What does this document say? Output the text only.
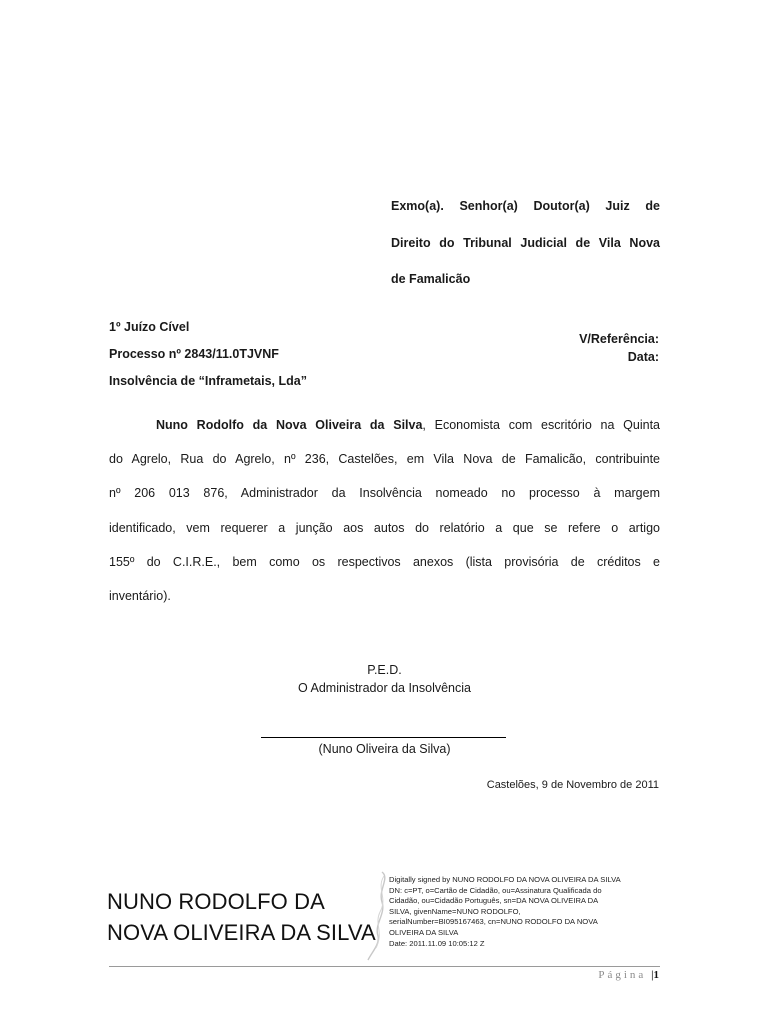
Exmo(a). Senhor(a) Doutor(a) Juiz de
Direito do Tribunal Judicial de Vila Nova
de Famalicão
1º Juízo Cível
Processo nº 2843/11.0TJVNF
Insolvência de “Inframetais, Lda”
V/Referência:
Data:
Nuno Rodolfo da Nova Oliveira da Silva, Economista com escritório na Quinta
do Agrelo, Rua do Agrelo, nº 236, Castelões, em Vila Nova de Famalicão, contribuinte
nº 206 013 876, Administrador da Insolvência nomeado no processo à margem
identificado, vem requerer a junção aos autos do relatório a que se refere o artigo
155º do C.I.R.E., bem como os respectivos anexos (lista provisória de créditos e
inventário).
P.E.D.
O Administrador da Insolvência
(Nuno Oliveira da Silva)
Castelões, 9 de Novembro de 2011
NUNO RODOLFO DA
NOVA OLIVEIRA DA SILVA
Digitally signed by NUNO RODOLFO DA NOVA OLIVEIRA DA SILVA
DN: c=PT, o=Cartão de Cidadão, ou=Assinatura Qualificada do
Cidadão, ou=Cidadão Português, sn=DA NOVA OLIVEIRA DA
SILVA, givenName=NUNO RODOLFO,
serialNumber=BI095167463, cn=NUNO RODOLFO DA NOVA
OLIVEIRA DA SILVA
Date: 2011.11.09 10:05:12 Z
Página |1
